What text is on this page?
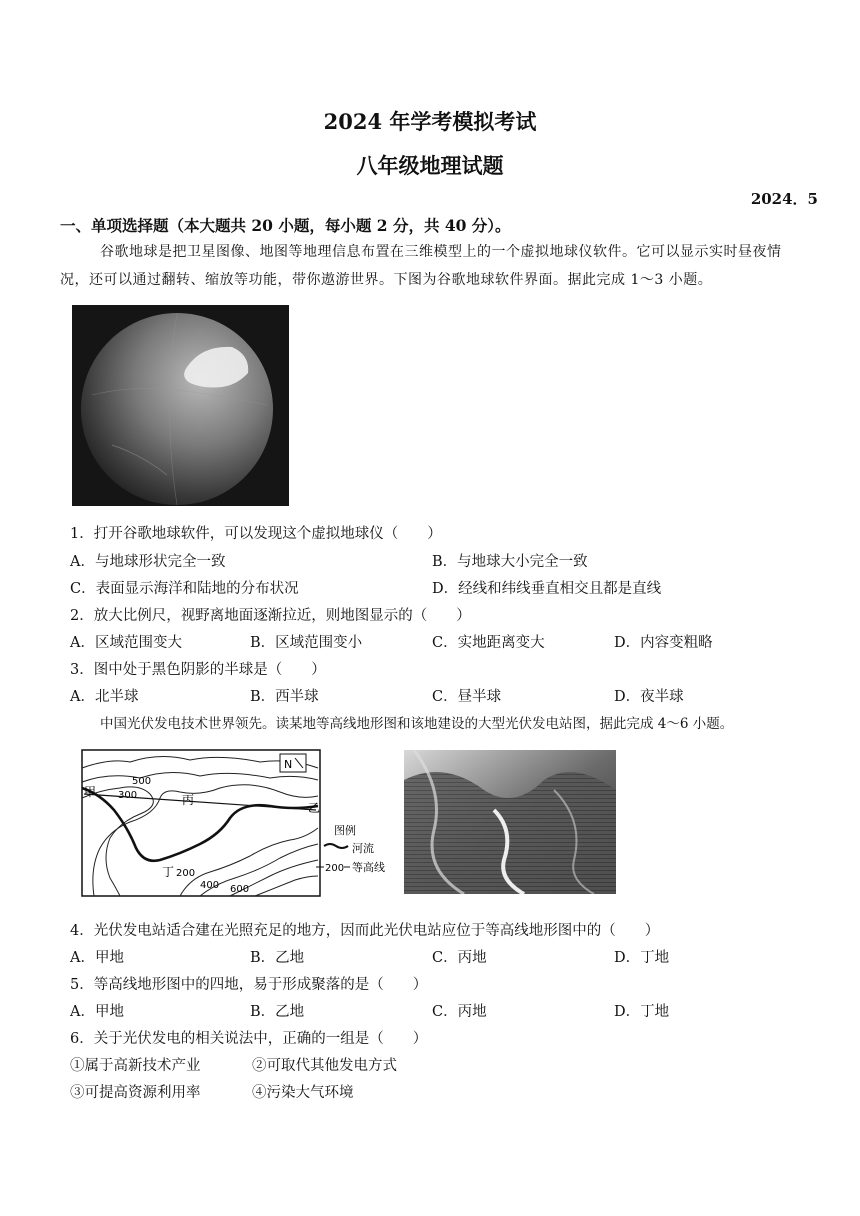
2024 年学考模拟考试
八年级地理试题
2024．5
一、单项选择题（本大题共 20 小题，每小题 2 分，共 40 分）。
谷歌地球是把卫星图像、地图等地理信息布置在三维模型上的一个虚拟地球仪软件。它可以显示实时昼夜情况，还可以通过翻转、缩放等功能，带你遨游世界。下图为谷歌地球软件界面。据此完成 1～3 小题。
1．打开谷歌地球软件，可以发现这个虚拟地球仪（　　）
A．与地球形状完全一致	B．与地球大小完全一致
C．表面显示海洋和陆地的分布状况	D．经线和纬线垂直相交且都是直线
2．放大比例尺，视野离地面逐渐拉近，则地图显示的（　　）
A．区域范围变大	B．区域范围变小	C．实地距离变大	D．内容变粗略
3．图中处于黑色阴影的半球是（　　）
A．北半球	B．西半球	C．昼半球	D．夜半球
中国光伏发电技术世界领先。读某地等高线地形图和该地建设的大型光伏发电站图，据此完成 4～6 小题。
N
甲
乙
丙
丁
500
300
200
400 600
图例
河流
200 等高线
4．光伏发电站适合建在光照充足的地方，因而此光伏电站应位于等高线地形图中的（　　）
A．甲地	B．乙地	C．丙地	D．丁地
5．等高线地形图中的四地，易于形成聚落的是（　　）
A．甲地	B．乙地	C．丙地	D．丁地
6．关于光伏发电的相关说法中，正确的一组是（　　）
①属于高新技术产业	②可取代其他发电方式
③可提高资源利用率	④污染大气环境
